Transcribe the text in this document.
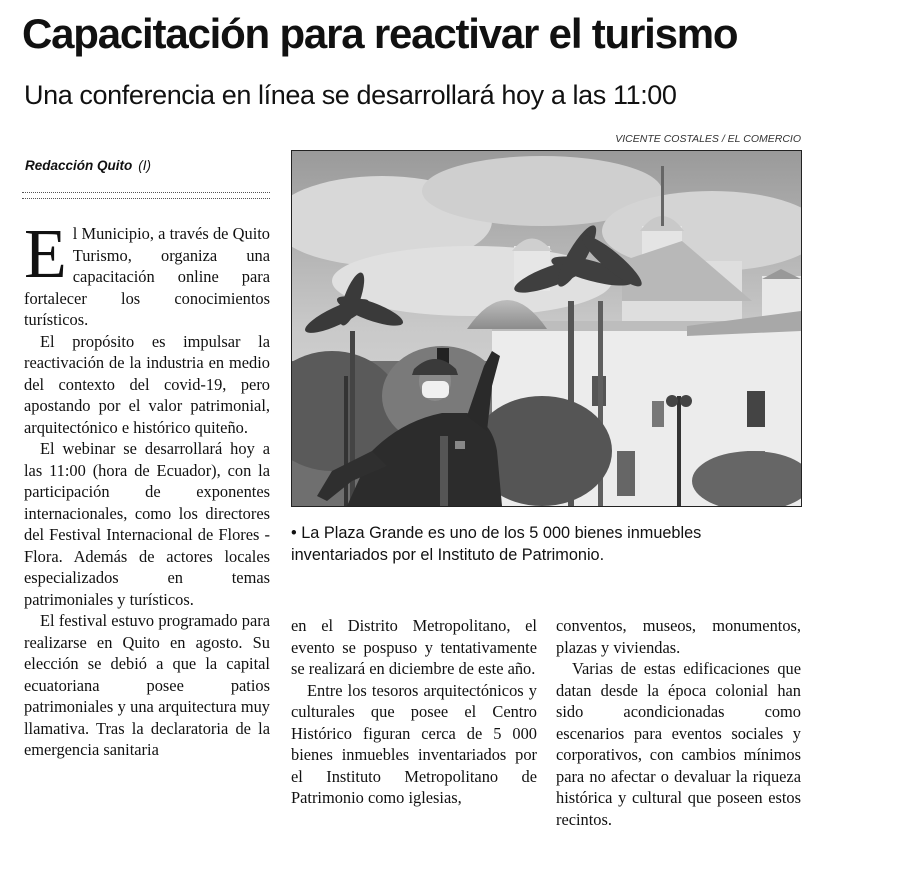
Capacitación para reactivar el turismo
Una conferencia en línea se desarrollará hoy a las 11:00
VICENTE COSTALES / EL COMERCIO
Redacción Quito (I)
• La Plaza Grande es uno de los 5 000 bienes inmuebles inventariados por el Instituto de Patrimonio.

El Municipio, a través de Quito Turismo, organiza una capacitación online para fortalecer los conocimientos turísticos.

El propósito es impulsar la reactivación de la industria en medio del contexto del covid-19, pero apostando por el valor patrimonial, arquitectónico e histórico quiteño.

El webinar se desarrollará hoy a las 11:00 (hora de Ecuador), con la participación de exponentes internacionales, como los directores del Festival Internacional de Flores -Flora. Además de actores locales especializados en temas patrimoniales y turísticos.

El festival estuvo programado para realizarse en Quito en agosto. Su elección se debió a que la capital ecuatoriana posee patios patrimoniales y una arquitectura muy llamativa. Tras la declaratoria de la emergencia sanitaria

en el Distrito Metropolitano, el evento se pospuso y tentativamente se realizará en diciembre de este año.

Entre los tesoros arquitectónicos y culturales que posee el Centro Histórico figuran cerca de 5 000 bienes inmuebles inventariados por el Instituto Metropolitano de Patrimonio como iglesias,

conventos, museos, monumentos, plazas y viviendas.

Varias de estas edificaciones que datan desde la época colonial han sido acondicionadas como escenarios para eventos sociales y corporativos, con cambios mínimos para no afectar o devaluar la riqueza histórica y cultural que poseen estos recintos.
